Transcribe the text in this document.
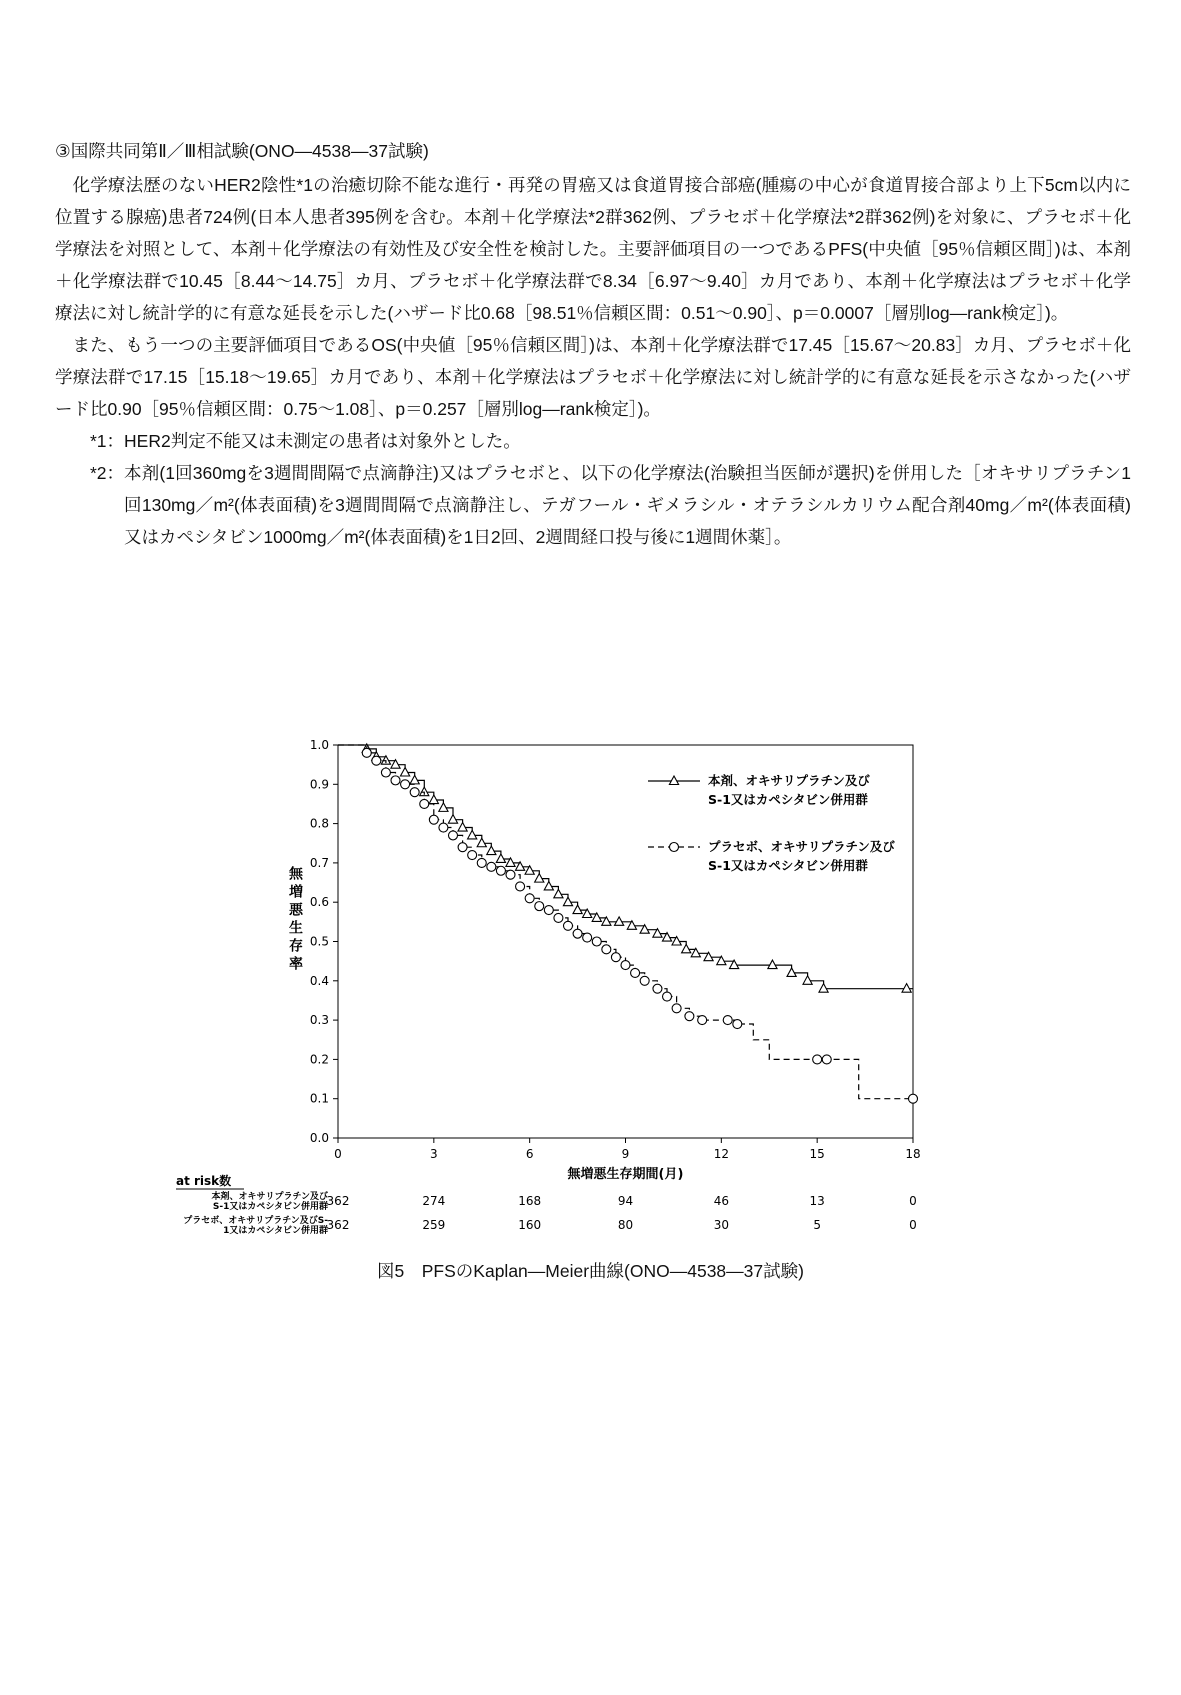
③国際共同第Ⅱ／Ⅲ相試験(ONO—4538—37試験)
化学療法歴のないHER2陰性*1の治癒切除不能な進行・再発の胃癌又は食道胃接合部癌(腫瘍の中心が食道胃接合部より上下5cm以内に位置する腺癌)患者724例(日本人患者395例を含む。本剤＋化学療法*2群362例、プラセボ＋化学療法*2群362例)を対象に、プラセボ＋化学療法を対照として、本剤＋化学療法の有効性及び安全性を検討した。主要評価項目の一つであるPFS(中央値［95％信頼区間］)は、本剤＋化学療法群で10.45［8.44～14.75］カ月、プラセボ＋化学療法群で8.34［6.97～9.40］カ月であり、本剤＋化学療法はプラセボ＋化学療法に対し統計学的に有意な延長を示した(ハザード比0.68［98.51％信頼区間：0.51～0.90］、p＝0.0007［層別log—rank検定］)。
また、もう一つの主要評価項目であるOS(中央値［95％信頼区間］)は、本剤＋化学療法群で17.45［15.67～20.83］カ月、プラセボ＋化学療法群で17.15［15.18～19.65］カ月であり、本剤＋化学療法はプラセボ＋化学療法に対し統計学的に有意な延長を示さなかった(ハザード比0.90［95％信頼区間：0.75～1.08］、p＝0.257［層別log—rank検定］)。
*1： HER2判定不能又は未測定の患者は対象外とした。
*2： 本剤(1回360mgを3週間間隔で点滴静注)又はプラセボと、以下の化学療法(治験担当医師が選択)を併用した［オキサリプラチン1回130mg／m²(体表面積)を3週間間隔で点滴静注し、テガフール・ギメラシル・オテラシルカリウム配合剤40mg／m²(体表面積)又はカペシタビン1000mg／m²(体表面積)を1日2回、2週間経口投与後に1週間休薬］。
0.0
0.1
0.2
0.3
0.4
0.5
0.6
0.7
0.8
0.9
1.0
0	3	6	9	12	15	18
無
増
悪
生
存
率
無増悪生存期間(月)
本剤、オキサリプラチン及び
S-1又はカペシタビン併用群
プラセボ、オキサリプラチン及び
S-1又はカペシタビン併用群
at risk数
本剤、オキサリプラチン及び
S-1又はカペシタビン併用群
362	274	168	94	46	13	0
プラセボ、オキサリプラチン及びS-
1又はカペシタビン併用群
362	259	160	80	30	5	0
図5　PFSのKaplan—Meier曲線(ONO—4538—37試験)
